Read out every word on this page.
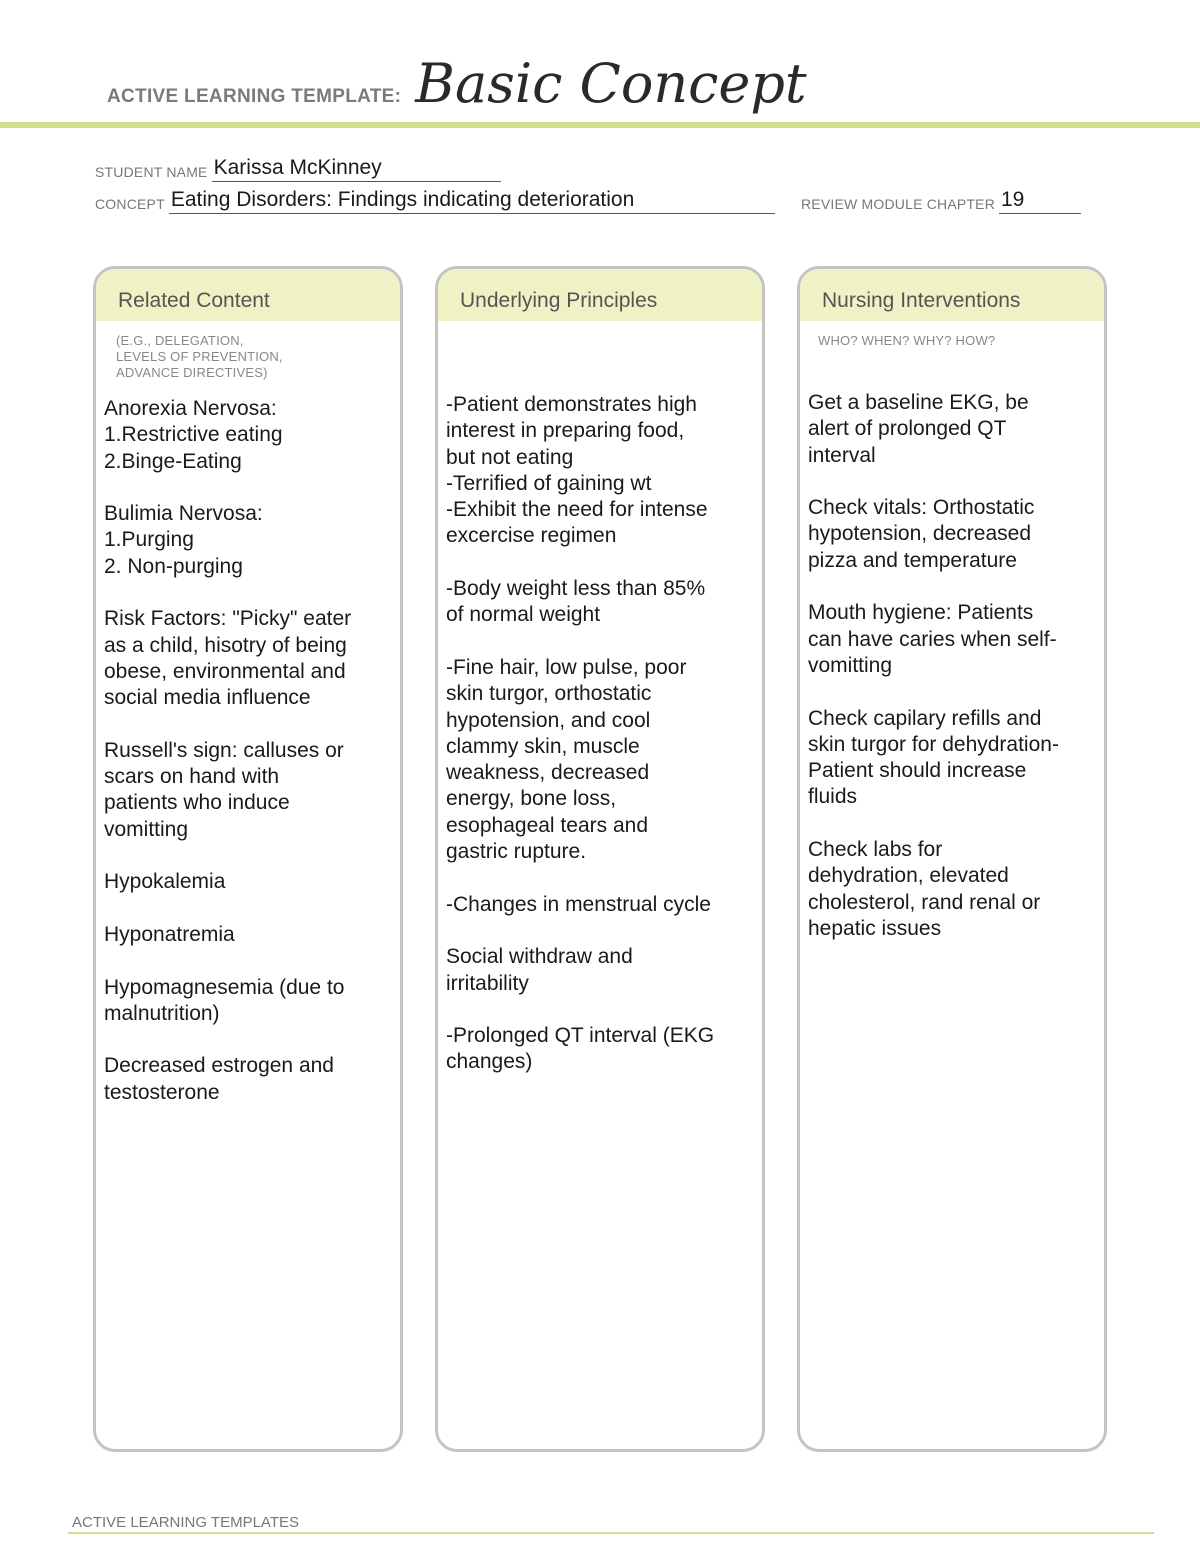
ACTIVE LEARNING TEMPLATE: Basic Concept
STUDENT NAME Karissa McKinney
CONCEPT Eating Disorders: Findings indicating deterioration	REVIEW MODULE CHAPTER 19
Related Content
(E.G., DELEGATION,
LEVELS OF PREVENTION,
ADVANCE DIRECTIVES)
Anorexia Nervosa:
1.Restrictive eating
2.Binge-Eating

Bulimia Nervosa:
1.Purging
2. Non-purging

Risk Factors: "Picky" eater
as a child, hisotry of being
obese, environmental and
social media influence

Russell's sign: calluses or
scars on hand with
patients who induce
vomitting

Hypokalemia

Hyponatremia

Hypomagnesemia (due to
malnutrition)

Decreased estrogen and
testosterone
Underlying Principles
-Patient demonstrates high
interest in preparing food,
but not eating
-Terrified of gaining wt
-Exhibit the need for intense
excercise regimen

-Body weight less than 85%
of normal weight

-Fine hair, low pulse, poor
skin turgor, orthostatic
hypotension, and cool
clammy skin, muscle
weakness, decreased
energy, bone loss,
esophageal tears and
gastric rupture.

-Changes in menstrual cycle

Social withdraw and
irritability

-Prolonged QT interval (EKG
changes)
Nursing Interventions
WHO? WHEN? WHY? HOW?
Get a baseline EKG, be
alert of prolonged QT
interval

Check vitals: Orthostatic
hypotension, decreased
pizza and temperature

Mouth hygiene: Patients
can have caries when self-
vomitting

Check capilary refills and
skin turgor for dehydration-
Patient should increase
fluids

Check labs for
dehydration, elevated
cholesterol, rand renal or
hepatic issues
ACTIVE LEARNING TEMPLATES
